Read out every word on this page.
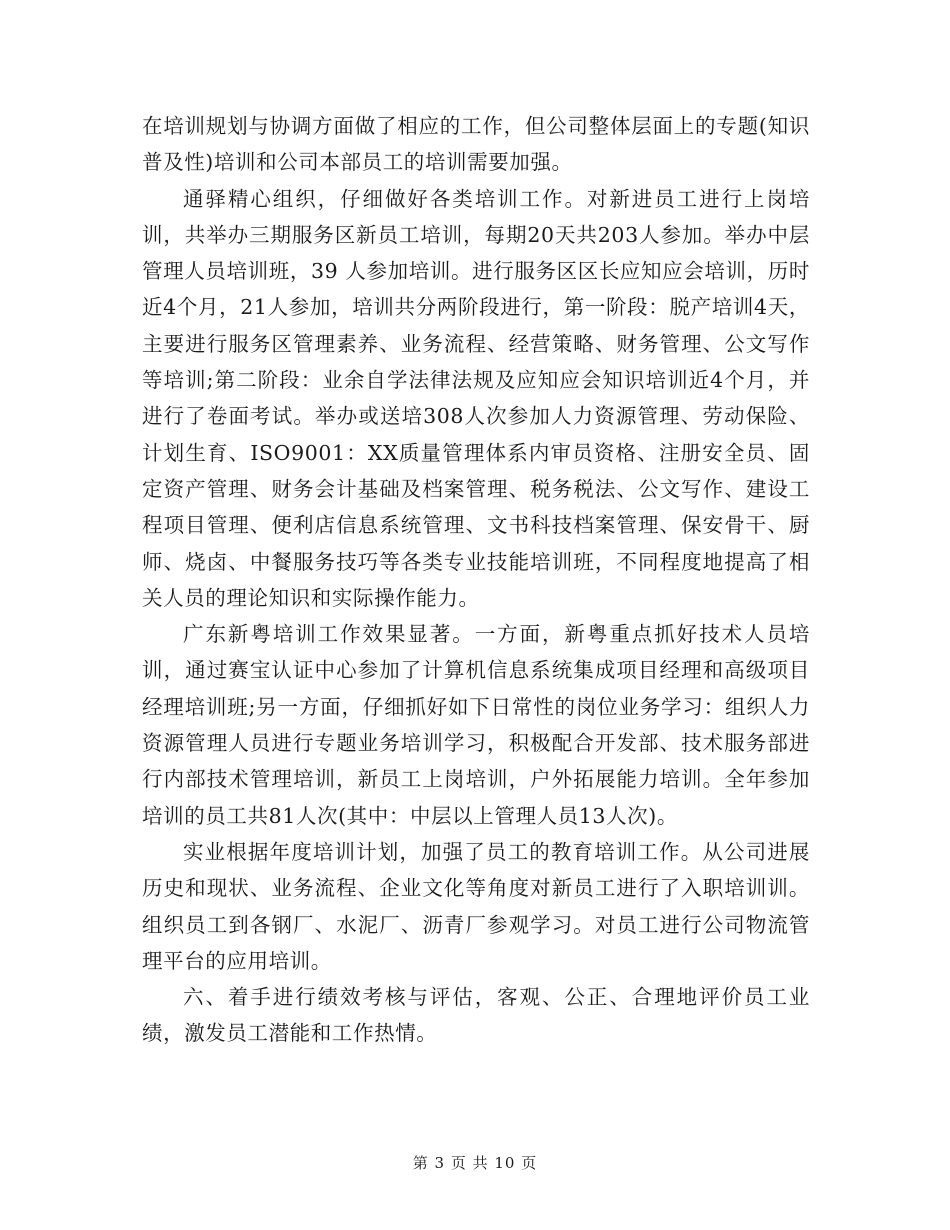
在培训规划与协调方面做了相应的工作，但公司整体层面上的专题(知识普及性)培训和公司本部员工的培训需要加强。

通驿精心组织，仔细做好各类培训工作。对新进员工进行上岗培训，共举办三期服务区新员工培训，每期20天共203人参加。举办中层管理人员培训班，39 人参加培训。进行服务区区长应知应会培训，历时近4个月，21人参加，培训共分两阶段进行，第一阶段：脱产培训4天，主要进行服务区管理素养、业务流程、经营策略、财务管理、公文写作等培训;第二阶段：业余自学法律法规及应知应会知识培训近4个月，并进行了卷面考试。举办或送培308人次参加人力资源管理、劳动保险、计划生育、ISO9001：XX质量管理体系内审员资格、注册安全员、固定资产管理、财务会计基础及档案管理、税务税法、公文写作、建设工程项目管理、便利店信息系统管理、文书科技档案管理、保安骨干、厨师、烧卤、中餐服务技巧等各类专业技能培训班，不同程度地提高了相关人员的理论知识和实际操作能力。

广东新粤培训工作效果显著。一方面，新粤重点抓好技术人员培训，通过赛宝认证中心参加了计算机信息系统集成项目经理和高级项目经理培训班;另一方面，仔细抓好如下日常性的岗位业务学习：组织人力资源管理人员进行专题业务培训学习，积极配合开发部、技术服务部进行内部技术管理培训，新员工上岗培训，户外拓展能力培训。全年参加培训的员工共81人次(其中：中层以上管理人员13人次)。

实业根据年度培训计划，加强了员工的教育培训工作。从公司进展历史和现状、业务流程、企业文化等角度对新员工进行了入职培训训。组织员工到各钢厂、水泥厂、沥青厂参观学习。对员工进行公司物流管理平台的应用培训。

六、着手进行绩效考核与评估，客观、公正、合理地评价员工业绩，激发员工潜能和工作热情。

第 3 页 共 10 页
